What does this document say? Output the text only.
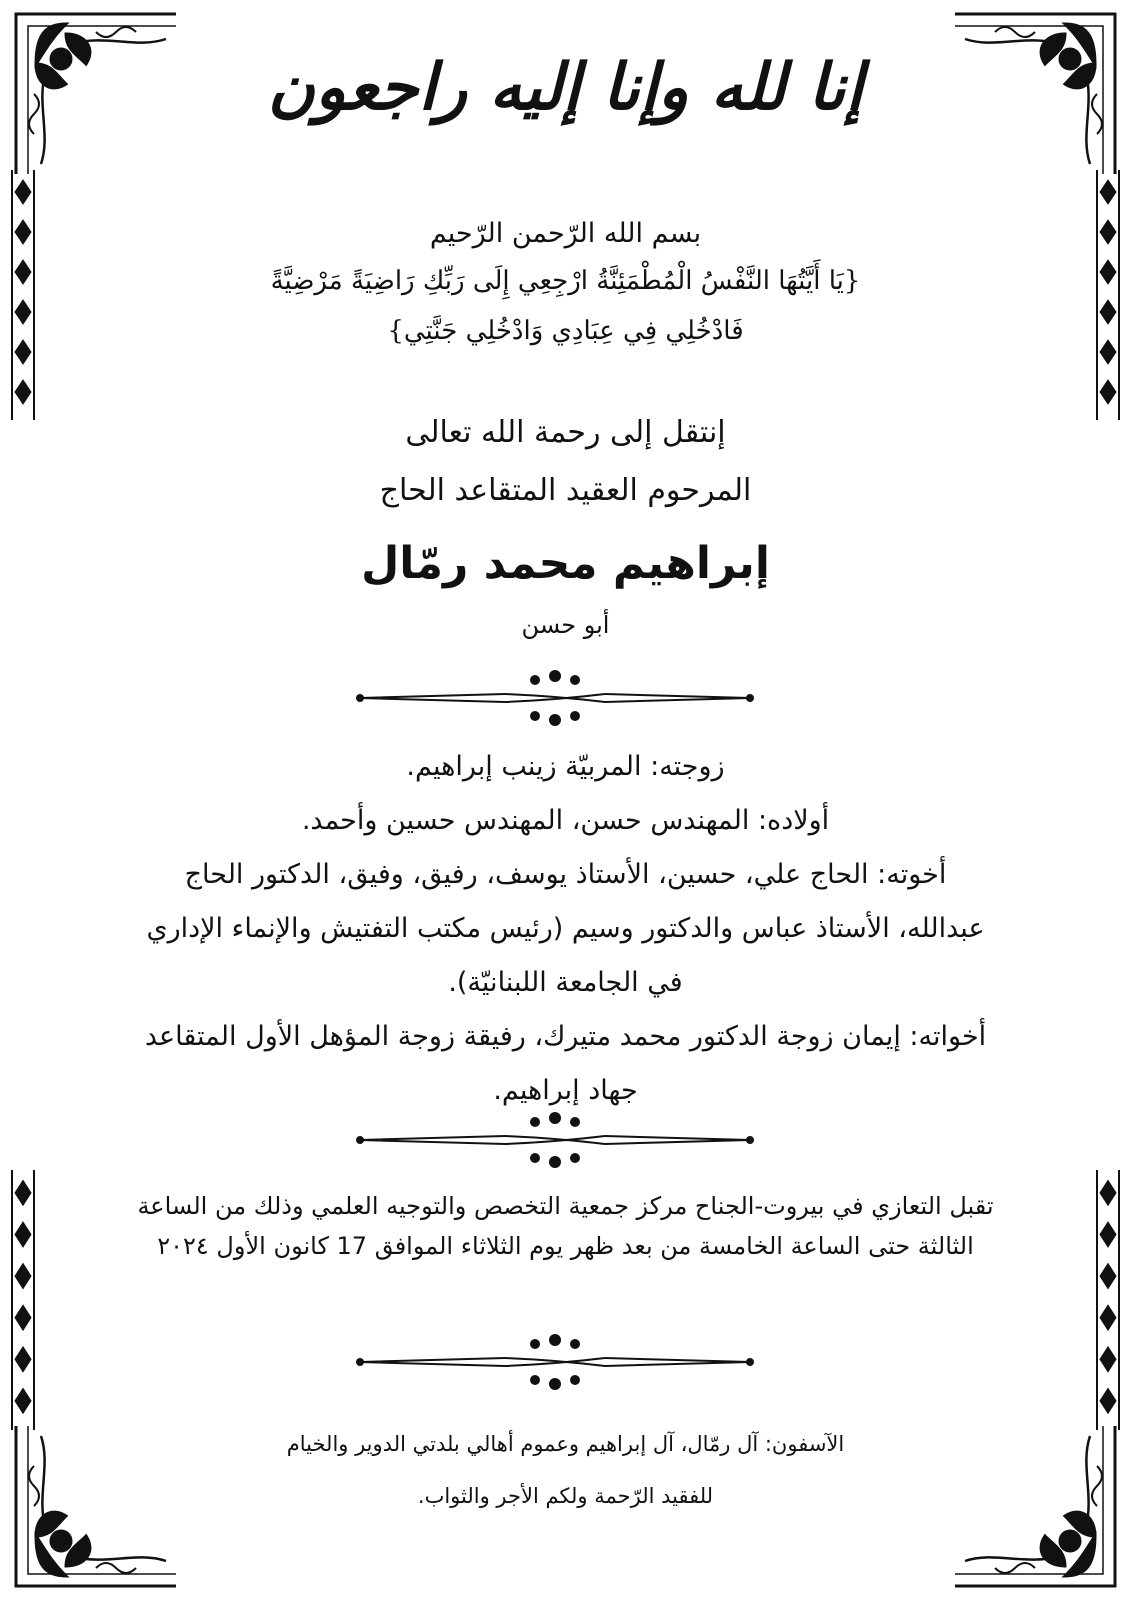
إنا لله وإنا إليه راجعون
بسم الله الرّحمن الرّحيم
{يَا أَيَّتُهَا النَّفْسُ الْمُطْمَئِنَّةُ ارْجِعِي إِلَى رَبِّكِ رَاضِيَةً مَرْضِيَّةً
فَادْخُلِي فِي عِبَادِي وَادْخُلِي جَنَّتِي}
إنتقل إلى رحمة الله تعالى
المرحوم العقيد المتقاعد الحاج
إبراهيم محمد رمّال
أبو حسن

زوجته: المربيّة زينب إبراهيم.

أولاده: المهندس حسن، المهندس حسين وأحمد.

أخوته: الحاج علي، حسين، الأستاذ يوسف، رفيق، وفيق، الدكتور الحاج عبدالله، الأستاذ عباس والدكتور وسيم (رئيس مكتب التفتيش والإنماء الإداري في الجامعة اللبنانيّة).

أخواته: إيمان زوجة الدكتور محمد متيرك، رفيقة زوجة المؤهل الأول المتقاعد جهاد إبراهيم.

تقبل التعازي في بيروت-الجناح مركز جمعية التخصص والتوجيه العلمي وذلك من الساعة الثالثة حتى الساعة الخامسة من بعد ظهر يوم الثلاثاء الموافق 17 كانون الأول ٢٠٢٤

الآسفون: آل رمّال، آل إبراهيم وعموم أهالي بلدتي الدوير والخيام

للفقيد الرّحمة ولكم الأجر والثواب.
